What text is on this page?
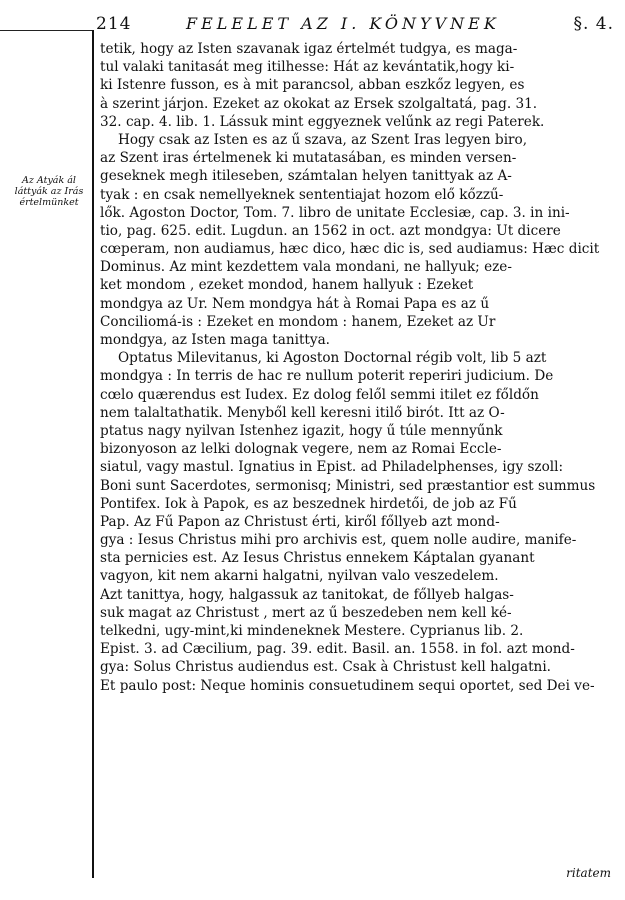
214	FELELET AZ I. KÖNYVNEK	§. 4.
Az Atyák ál láttyák az Irás értelmünket
tetik, hogy az Isten szavanak igaz értelmét tudgya, es maga-
tul valaki tanitasát meg itilhesse: Hát az kevántatik,hogy ki-
ki Istenre fusson, es à mit parancsol, abban eszkőz legyen, es
à szerint járjon. Ezeket az okokat az Ersek szolgaltatá, pag. 31.
32. cap. 4. lib. 1. Lássuk mint eggyeznek velűnk az regi Paterek.
Hogy csak az Isten es az ű szava, az Szent Iras legyen biro,
az Szent iras értelmenek ki mutatasában, es minden versen-
geseknek megh itileseben, számtalan helyen tanittyak az A-
tyak : en csak nemellyeknek sententiajat hozom elő kőzzű-
lők. Agoston Doctor, Tom. 7. libro de unitate Ecclesiæ, cap. 3. in ini-
tio, pag. 625. edit. Lugdun. an 1562 in oct. azt mondgya: Ut dicere
cœperam, non audiamus, hæc dico, hæc dic is, sed audiamus: Hæc dicit
Dominus. Az mint kezdettem vala mondani, ne hallyuk; eze-
ket mondom , ezeket mondod, hanem hallyuk : Ezeket
mondgya az Ur. Nem mondgya hát à Romai Papa es az ű
Conciliomá-is : Ezeket en mondom : hanem, Ezeket az Ur
mondgya, az Isten maga tanittya.
Optatus Milevitanus, ki Agoston Doctornal régib volt, lib 5 azt
mondgya : In terris de hac re nullum poterit reperiri judicium. De
cœlo quærendus est Iudex. Ez dolog felől semmi itilet ez főldőn
nem talaltathatik. Menyből kell keresni itilő birót. Itt az O-
ptatus nagy nyilvan Istenhez igazit, hogy ű túle mennyűnk
bizonyoson az lelki dolognak vegere, nem az Romai Eccle-
siatul, vagy mastul. Ignatius in Epist. ad Philadelphenses, igy szoll:
Boni sunt Sacerdotes, sermonisq; Ministri, sed præstantior est summus
Pontifex. Iok à Papok, es az beszednek hirdetői, de job az Fű
Pap. Az Fű Papon az Christust érti, kiről főllyeb azt mond-
gya : Iesus Christus mihi pro archivis est, quem nolle audire, manife-
sta pernicies est. Az Iesus Christus ennekem Káptalan gyanant
vagyon, kit nem akarni halgatni, nyilvan valo veszedelem.
Azt tanittya, hogy, halgassuk az tanitokat, de főllyeb halgas-
suk magat az Christust , mert az ű beszedeben nem kell ké-
telkedni, ugy-mint,ki mindeneknek Mestere. Cyprianus lib. 2.
Epist. 3. ad Cæcilium, pag. 39. edit. Basil. an. 1558. in fol. azt mond-
gya: Solus Christus audiendus est. Csak à Christust kell halgatni.
Et paulo post: Neque hominis consuetudinem sequi oportet, sed Dei ve-
ritatem
